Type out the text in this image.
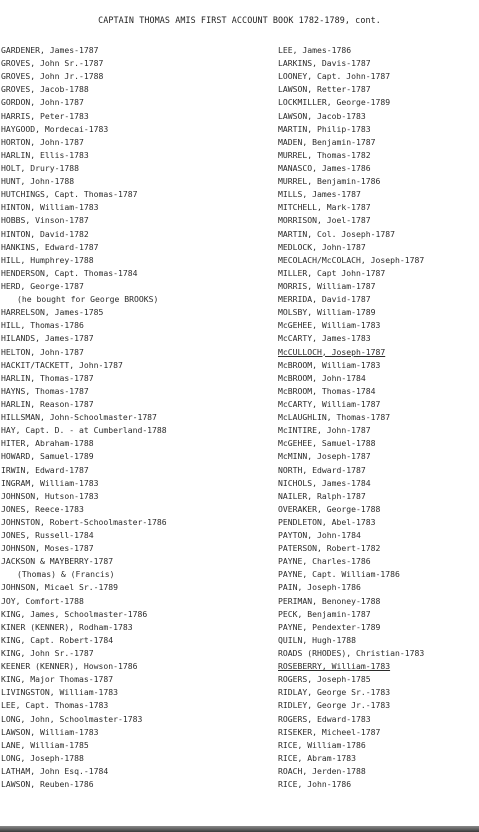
CAPTAIN THOMAS AMIS FIRST ACCOUNT BOOK 1782-1789, cont.
GARDENER, James-1787
GROVES, John Sr.-1787
GROVES, John Jr.-1788
GROVES, Jacob-1788
GORDON, John-1787
HARRIS, Peter-1783
HAYGOOD, Mordecai-1783
HORTON, John-1787
HARLIN, Ellis-1783
HOLT, Drury-1788
HUNT, John-1788
HUTCHINGS, Capt. Thomas-1787
HINTON, William-1783
HOBBS, Vinson-1787
HINTON, David-1782
HANKINS, Edward-1787
HILL, Humphrey-1788
HENDERSON, Capt. Thomas-1784
HERD, George-1787
(he bought for George BROOKS)
HARRELSON, James-1785
HILL, Thomas-1786
HILANDS, James-1787
HELTON, John-1787
HACKIT/TACKETT, John-1787
HARLIN, Thomas-1787
HAYNS, Thomas-1787
HARLIN, Reason-1787
HILLSMAN, John-Schoolmaster-1787
HAY, Capt. D. - at Cumberland-1788
HITER, Abraham-1788
HOWARD, Samuel-1789
IRWIN, Edward-1787
INGRAM, William-1783
JOHNSON, Hutson-1783
JONES, Reece-1783
JOHNSTON, Robert-Schoolmaster-1786
JONES, Russell-1784
JOHNSON, Moses-1787
JACKSON & MAYBERRY-1787
(Thomas) & (Francis)
JOHNSON, Micael Sr.-1789
JOY, Comfort-1788
KING, James, Schoolmaster-1786
KINER (KENNER), Rodham-1783
KING, Capt. Robert-1784
KING, John Sr.-1787
KEENER (KENNER), Howson-1786
KING, Major Thomas-1787
LIVINGSTON, William-1783
LEE, Capt. Thomas-1783
LONG, John, Schoolmaster-1783
LAWSON, William-1783
LANE, William-1785
LONG, Joseph-1788
LATHAM, John Esq.-1784
LAWSON, Reuben-1786
LEE, James-1786
LARKINS, Davis-1787
LOONEY, Capt. John-1787
LAWSON, Retter-1787
LOCKMILLER, George-1789
LAWSON, Jacob-1783
MARTIN, Philip-1783
MADEN, Benjamin-1787
MURREL, Thomas-1782
MANASCO, James-1786
MURREL, Benjamin-1786
MILLS, James-1787
MITCHELL, Mark-1787
MORRISON, Joel-1787
MARTIN, Col. Joseph-1787
MEDLOCK, John-1787
MECOLACH/McCOLACH, Joseph-1787
MILLER, Capt John-1787
MORRIS, William-1787
MERRIDA, David-1787
MOLSBY, William-1789
McGEHEE, William-1783
McCARTY, James-1783
McCULLOCH, Joseph-1787
McBROOM, William-1783
McBROOM, John-1784
McBROOM, Thomas-1784
McCARTY, William-1787
McLAUGHLIN, Thomas-1787
McINTIRE, John-1787
McGEHEE, Samuel-1788
McMINN, Joseph-1787
NORTH, Edward-1787
NICHOLS, James-1784
NAILER, Ralph-1787
OVERAKER, George-1788
PENDLETON, Abel-1783
PAYTON, John-1784
PATERSON, Robert-1782
PAYNE, Charles-1786
PAYNE, Capt. William-1786
PAIN, Joseph-1786
PERIMAN, Benoney-1788
PECK, Benjamin-1787
PAYNE, Pendexter-1789
QUILN, Hugh-1788
ROADS (RHODES), Christian-1783
ROSEBERRY, William-1783
ROGERS, Joseph-1785
RIDLAY, George Sr.-1783
RIDLEY, George Jr.-1783
ROGERS, Edward-1783
RISEKER, Micheel-1787
RICE, William-1786
RICE, Abram-1783
ROACH, Jerden-1788
RICE, John-1786
